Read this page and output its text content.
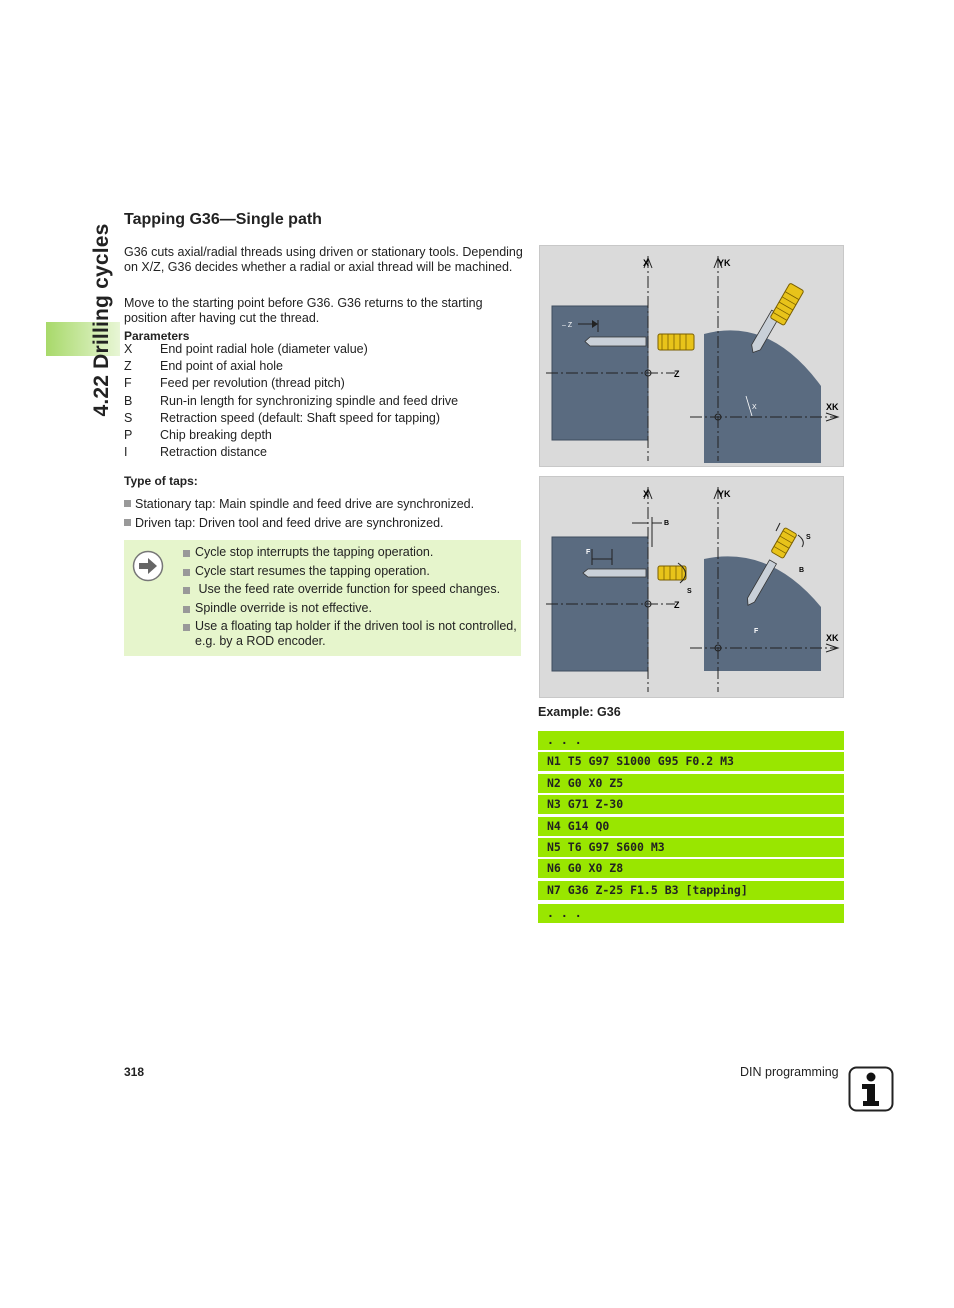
4.22 Drilling cycles
Tapping G36—Single path

G36 cuts axial/radial threads using driven or stationary tools. Depending on X/Z, G36 decides whether a radial or axial thread will be machined.

Move to the starting point before G36. G36 returns to the starting position after having cut the thread.

Parameters
X	End point radial hole (diameter value)
Z	End point of axial hole
F	Feed per revolution (thread pitch)
B	Run-in length for synchronizing spindle and feed drive
S	Retraction speed (default: Shaft speed for tapping)
P	Chip breaking depth
I	Retraction distance
Type of taps:
Stationary tap: Main spindle and feed drive are synchronized.
Driven tap: Driven tool and feed drive are synchronized.
Cycle stop interrupts the tapping operation.
Cycle start resumes the tapping operation.
Use the feed rate override function for speed changes.
Spindle override is not effective.
Use a floating tap holder if the driven tool is not controlled, e.g. by a ROD encoder.
X	YK
Z
XK
– Z
X
X	YK
Z
XK
B
F
S
S
B
F
Example: G36
. . .
N1 T5 G97 S1000 G95 F0.2 M3
N2 G0 X0 Z5
N3 G71 Z-30
N4 G14 Q0
N5 T6 G97 S600 M3
N6 G0 X0 Z8
N7 G36 Z-25 F1.5 B3 [tapping]
. . .
318	DIN programming
